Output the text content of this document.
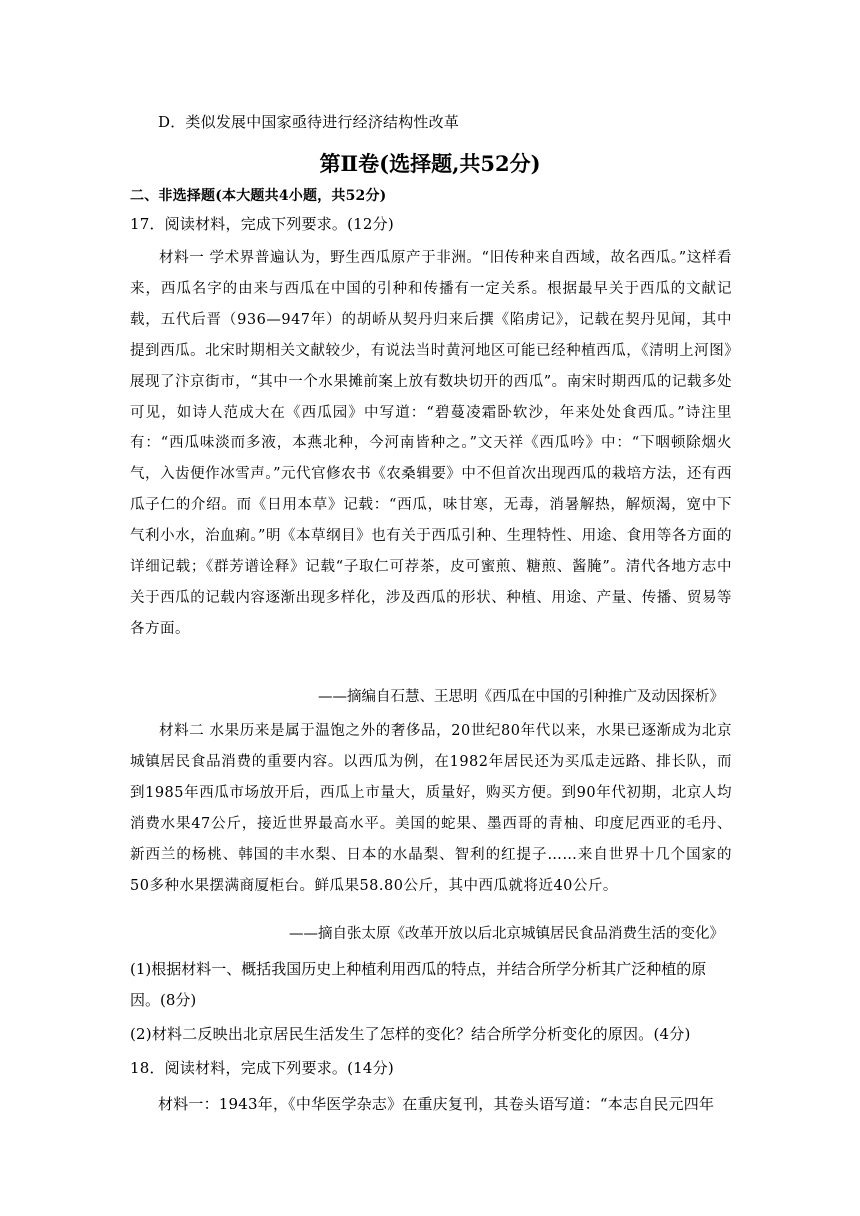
D．类似发展中国家亟待进行经济结构性改革
第Ⅱ卷(选择题,共52分)
二、非选择题(本大题共4小题，共52分)
17．阅读材料，完成下列要求。(12分)
材料一 学术界普遍认为，野生西瓜原产于非洲。“旧传种来自西域，故名西瓜。”这样看来，西瓜名字的由来与西瓜在中国的引种和传播有一定关系。根据最早关于西瓜的文献记载，五代后晋（936—947年）的胡峤从契丹归来后撰《陷虏记》，记载在契丹见闻，其中提到西瓜。北宋时期相关文献较少，有说法当时黄河地区可能已经种植西瓜，《清明上河图》展现了汴京街市，“其中一个水果摊前案上放有数块切开的西瓜”。南宋时期西瓜的记载多处可见，如诗人范成大在《西瓜园》中写道：“碧蔓凌霜卧软沙，年来处处食西瓜。”诗注里有：“西瓜味淡而多液，本燕北种，今河南皆种之。”文天祥《西瓜吟》中：“下咽顿除烟火气，入齿便作冰雪声。”元代官修农书《农桑辑要》中不但首次出现西瓜的栽培方法，还有西瓜子仁的介绍。而《日用本草》记载：“西瓜，味甘寒，无毒，消暑解热，解烦渴，宽中下气利小水，治血痢。”明《本草纲目》也有关于西瓜引种、生理特性、用途、食用等各方面的详细记载；《群芳谱诠释》记载“子取仁可荐茶，皮可蜜煎、糖煎、酱腌”。清代各地方志中关于西瓜的记载内容逐渐出现多样化，涉及西瓜的形状、种植、用途、产量、传播、贸易等各方面。
——摘编自石慧、王思明《西瓜在中国的引种推广及动因探析》
材料二 水果历来是属于温饱之外的奢侈品，20世纪80年代以来，水果已逐渐成为北京城镇居民食品消费的重要内容。以西瓜为例，在1982年居民还为买瓜走远路、排长队，而到1985年西瓜市场放开后，西瓜上市量大，质量好，购买方便。到90年代初期，北京人均消费水果47公斤，接近世界最高水平。美国的蛇果、墨西哥的青柚、印度尼西亚的毛丹、新西兰的杨桃、韩国的丰水梨、日本的水晶梨、智利的红提子……来自世界十几个国家的50多种水果摆满商厦柜台。鲜瓜果58.80公斤，其中西瓜就将近40公斤。
——摘自张太原《改革开放以后北京城镇居民食品消费生活的变化》
(1)根据材料一、概括我国历史上种植利用西瓜的特点，并结合所学分析其广泛种植的原因。(8分)
(2)材料二反映出北京居民生活发生了怎样的变化？结合所学分析变化的原因。(4分)
18．阅读材料，完成下列要求。(14分)
材料一：1943年，《中华医学杂志》在重庆复刊，其卷头语写道：“本志自民元四年
